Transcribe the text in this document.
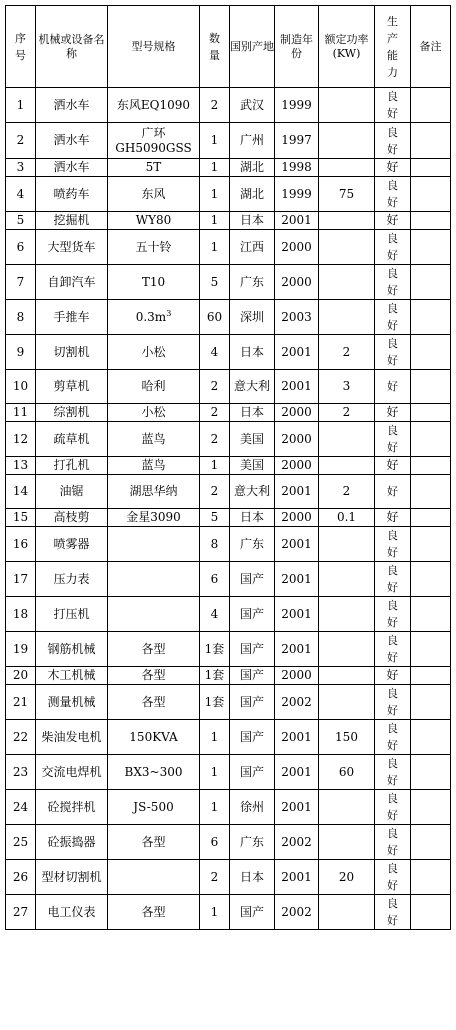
序号	机械或设备名称	型号规格	数量	国别产地	制造年份	额定功率(KW)	生产能力	备注
1	洒水车	东风EQ1090	2	武汉	1999		良好	
2	洒水车	广环GH5090GSS	1	广州	1997		良好	
3	洒水车	5T	1	湖北	1998		好	
4	喷药车	东风	1	湖北	1999	75	良好	
5	挖掘机	WY80	1	日本	2001		好	
6	大型货车	五十铃	1	江西	2000		良好	
7	自卸汽车	T10	5	广东	2000		良好	
8	手推车	$0.3m^3$	60	深圳	2003		良好	
9	切割机	小松	4	日本	2001	2	良好	
10	剪草机	哈利	2	意大利	2001	3	好	
11	综割机	小松	2	日本	2000	2	好	
12	疏草机	蓝鸟	2	美国	2000		良好	
13	打孔机	蓝鸟	1	美国	2000		好	
14	油锯	湖思华纳	2	意大利	2001	2	好	
15	高枝剪	金星3090	5	日本	2000	0.1	好	
16	喷雾器		8	广东	2001		良好	
17	压力表		6	国产	2001		良好	
18	打压机		4	国产	2001		良好	
19	钢筋机械	各型	1套	国产	2001		良好	
20	木工机械	各型	1套	国产	2000		好	
21	测量机械	各型	1套	国产	2002		良好	
22	柴油发电机	150KVA	1	国产	2001	150	良好	
23	交流电焊机	BX3~300	1	国产	2001	60	良好	
24	砼搅拌机	JS-500	1	徐州	2001		良好	
25	砼振捣器	各型	6	广东	2002		良好	
26	型材切割机		2	日本	2001	20	良好	
27	电工仪表	各型	1	国产	2002		良好	
